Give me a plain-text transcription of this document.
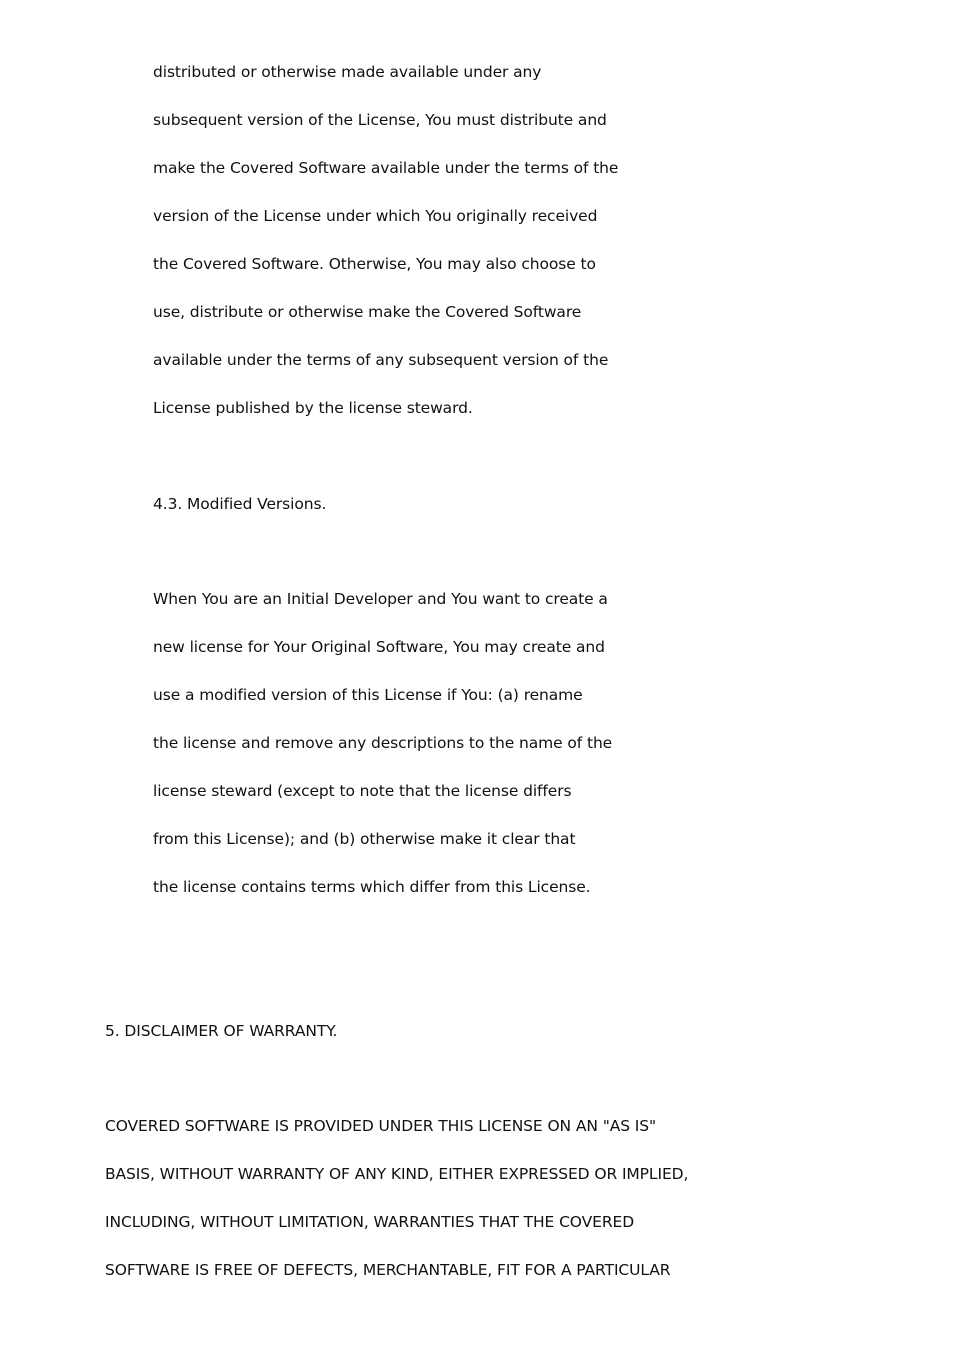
distributed or otherwise made available under any
subsequent version of the License, You must distribute and
make the Covered Software available under the terms of the
version of the License under which You originally received
the Covered Software. Otherwise, You may also choose to
use, distribute or otherwise make the Covered Software
available under the terms of any subsequent version of the
License published by the license steward.
4.3. Modified Versions.
When You are an Initial Developer and You want to create a
new license for Your Original Software, You may create and
use a modified version of this License if You: (a) rename
the license and remove any descriptions to the name of the
license steward (except to note that the license differs
from this License); and (b) otherwise make it clear that
the license contains terms which differ from this License.
5. DISCLAIMER OF WARRANTY.
COVERED SOFTWARE IS PROVIDED UNDER THIS LICENSE ON AN "AS IS"
BASIS, WITHOUT WARRANTY OF ANY KIND, EITHER EXPRESSED OR IMPLIED,
INCLUDING, WITHOUT LIMITATION, WARRANTIES THAT THE COVERED
SOFTWARE IS FREE OF DEFECTS, MERCHANTABLE, FIT FOR A PARTICULAR
